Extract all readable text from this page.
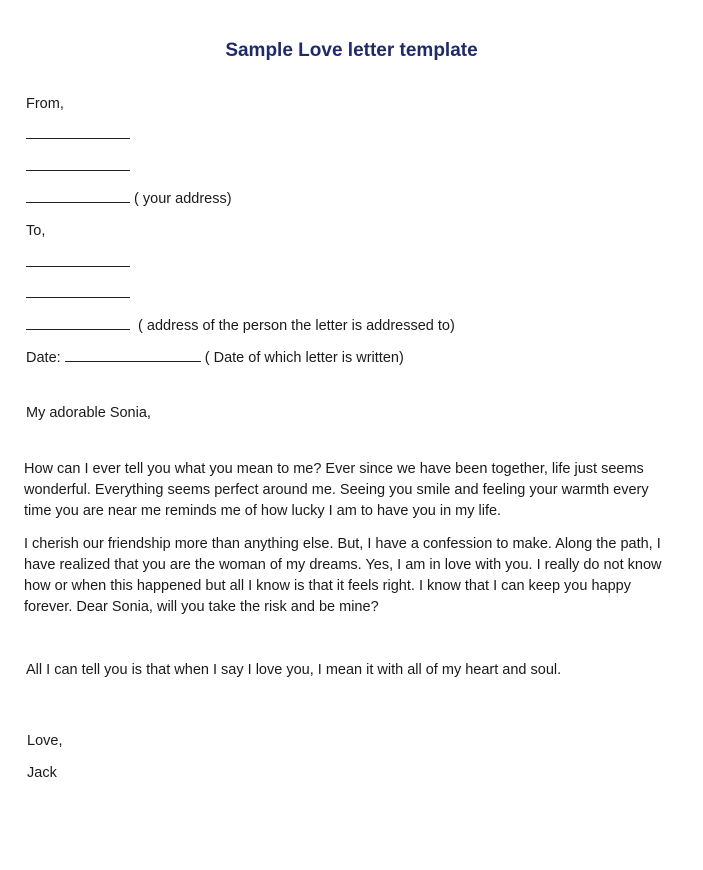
Sample Love letter template
From,
( your address)
To,
( address of the person the letter is addressed to)
Date:	( Date of which letter is written)
My adorable Sonia,
How can I ever tell you what you mean to me? Ever since we have been together, life just seems
wonderful. Everything seems perfect around me. Seeing you smile and feeling your warmth every
time you are near me reminds me of how lucky I am to have you in my life.
I cherish our friendship more than anything else. But, I have a confession to make. Along the path, I
have realized that you are the woman of my dreams. Yes, I am in love with you. I really do not know
how or when this happened but all I know is that it feels right. I know that I can keep you happy
forever. Dear Sonia, will you take the risk and be mine?
All I can tell you is that when I say I love you, I mean it with all of my heart and soul.
Love,
Jack
